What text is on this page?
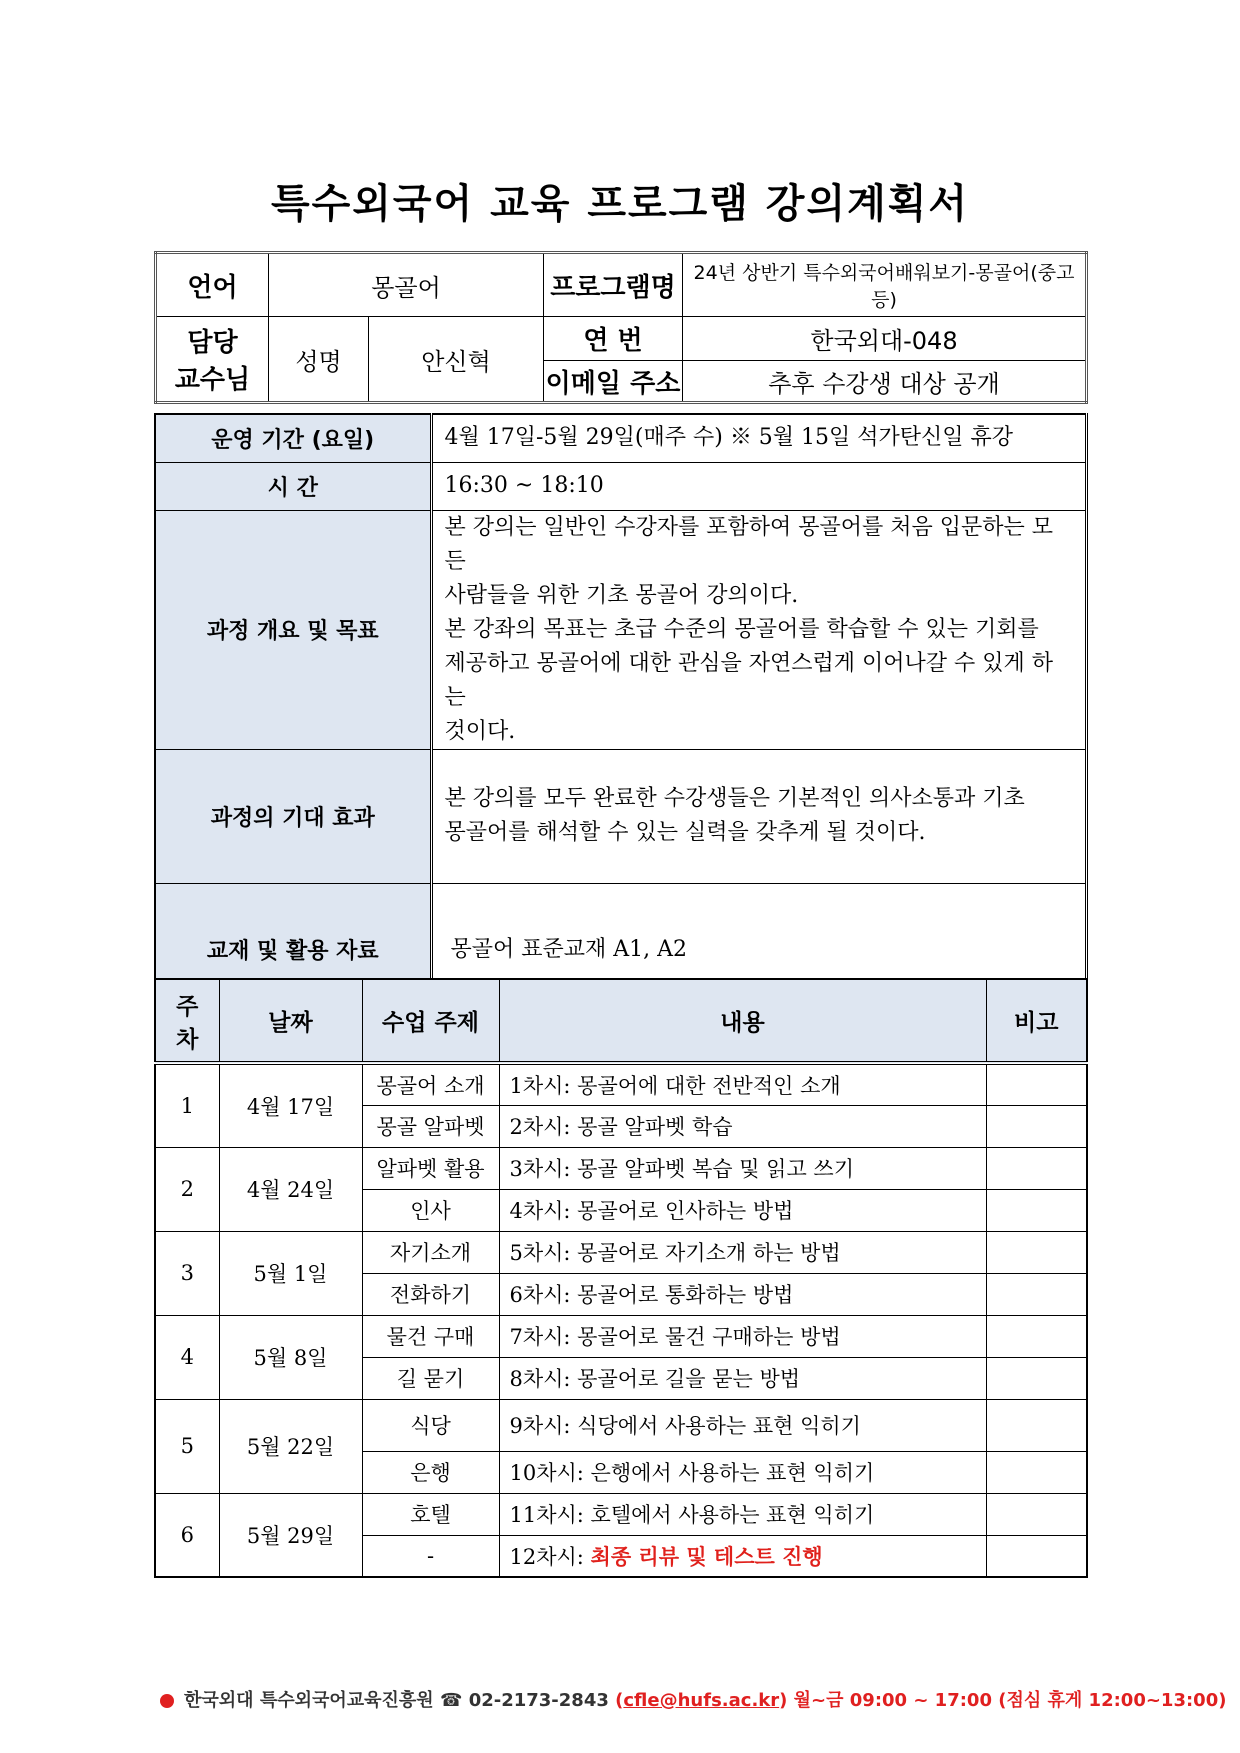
특수외국어 교육 프로그램 강의계획서
언어	몽골어		프로그램명	24년 상반기 특수외국어배워보기-몽골어(중고등)

담당
교수님	성명	안신혁	연 번	한국외대-048
			이메일 주소	추후 수강생 대상 공개
운영 기간 (요일)	4월 17일-5월 29일(매주 수) ※ 5월 15일 석가탄신일 휴강
시 간	16:30 ~ 18:10
과정 개요 및 목표	본 강의는 일반인 수강자를 포함하여 몽골어를 처음 입문하는 모든
사람들을 위한 기초 몽골어 강의이다.
본 강좌의 목표는 초급 수준의 몽골어를 학습할 수 있는 기회를
제공하고 몽골어에 대한 관심을 자연스럽게 이어나갈 수 있게 하는
것이다.

과정의 기대 효과	본 강의를 모두 완료한 수강생들은 기본적인 의사소통과 기초
몽골어를 해석할 수 있는 실력을 갖추게 될 것이다.

교재 및 활용 자료	몽골어 표준교재 A1, A2
주
차	날짜	수업 주제	내용	비고
1	4월 17일	몽골어 소개	1차시: 몽골어에 대한 전반적인 소개	
		몽골 알파벳	2차시: 몽골 알파벳 학습	
2	4월 24일	알파벳 활용	3차시: 몽골 알파벳 복습 및 읽고 쓰기	
		인사	4차시: 몽골어로 인사하는 방법	
3	5월 1일	자기소개	5차시: 몽골어로 자기소개 하는 방법	
		전화하기	6차시: 몽골어로 통화하는 방법	
4	5월 8일	물건 구매	7차시: 몽골어로 물건 구매하는 방법	
		길 묻기	8차시: 몽골어로 길을 묻는 방법	
5	5월 22일	식당	9차시: 식당에서 사용하는 표현 익히기	
		은행	10차시: 은행에서 사용하는 표현 익히기	
6	5월 29일	호텔	11차시: 호텔에서 사용하는 표현 익히기	
		-	12차시: 최종 리뷰 및 테스트 진행	
한국외대 특수외국어교육진흥원 ☎ 02-2173-2843 (cfle@hufs.ac.kr) 월~금 09:00 ~ 17:00 (점심 휴게 12:00~13:00)
